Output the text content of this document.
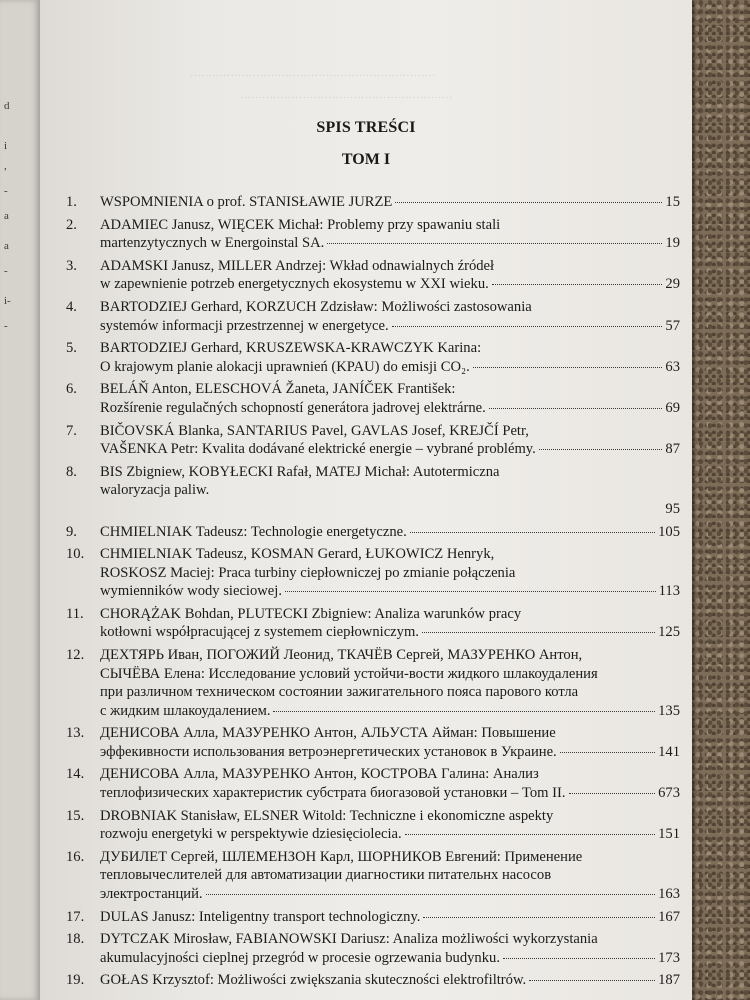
d
i
,
-
a
a
-
i-
-
···································································
··························································
SPIS TREŚCI
TOM I
1.	WSPOMNIENIA o prof. STANISŁAWIE JURZE	15
2.	ADAMIEC Janusz, WIĘCEK Michał: Problemy przy spawaniu stali
martenzytycznych w Energoinstal SA.	19
3.	ADAMSKI Janusz, MILLER Andrzej: Wkład odnawialnych źródeł
w zapewnienie potrzeb energetycznych ekosystemu w XXI wieku.	29
4.	BARTODZIEJ Gerhard, KORZUCH Zdzisław: Możliwości zastosowania
systemów informacji przestrzennej w energetyce.	57
5.	BARTODZIEJ Gerhard, KRUSZEWSKA-KRAWCZYK Karina:
O krajowym planie alokacji uprawnień (KPAU) do emisji CO₂.	63
6.	BELÁŇ Anton, ELESCHOVÁ Žaneta, JANÍČEK František:
Rozšírenie regulačných schopností generátora jadrovej elektrárne.	69
7.	BIČOVSKÁ Blanka, SANTARIUS Pavel, GAVLAS Josef, KREJČÍ Petr,
VAŠENKA Petr: Kvalita dodávané elektrické energie – vybrané problémy.	87
8.	BIS Zbigniew, KOBYŁECKI Rafał, MATEJ Michał: Autotermiczna
waloryzacja paliw.
95
9.	CHMIELNIAK Tadeusz: Technologie energetyczne.	105
10.	CHMIELNIAK Tadeusz, KOSMAN Gerard, ŁUKOWICZ Henryk,
ROSKOSZ Maciej: Praca turbiny ciepłowniczej po zmianie połączenia
wymienników wody sieciowej.	113
11.	CHORĄŻAK Bohdan, PLUTECKI Zbigniew: Analiza warunków pracy
kotłowni współpracującej z systemem ciepłowniczym.	125
12.	ДЕХТЯРЬ Иван, ПОГОЖИЙ Леонид, ТКАЧЁВ Сергей, МАЗУРЕНКО Антон,
СЫЧЁВА Елена: Исследование условий устойчи-вости жидкого шлакоудаления
при различном техническом состоянии зажигательного пояса парового котла
с жидким шлакоудалением.	135
13.	ДЕНИСОВА Алла, МАЗУРЕНКО Антон, АЛЬУСТА Айман: Повышение
эффекивности использования ветроэнергетических установок в Украине.	141
14.	ДЕНИСОВА Алла, МАЗУРЕНКО Антон, КОСТРОВА Галина: Анализ
теплофизических характеристик субстрата биогазовой установки – Tom II.	673
15.	DROBNIAK Stanisław, ELSNER Witold: Techniczne i ekonomiczne aspekty
rozwoju energetyki w perspektywie dziesięciolecia.	151
16.	ДУБИЛЕТ Сергей, ШЛЕМЕНЗОН Карл, ШОРНИКОВ Евгений: Применение
тепловычеслителей для автоматизации диагностики питательнх насосов
электростанций.	163
17.	DULAS Janusz: Inteligentny transport technologiczny.	167
18.	DYTCZAK Mirosław, FABIANOWSKI Dariusz: Analiza możliwości wykorzystania
akumulacyjności cieplnej przegród w procesie ogrzewania budynku.	173
19.	GOŁAS Krzysztof: Możliwości zwiększania skuteczności elektrofiltrów.	187
